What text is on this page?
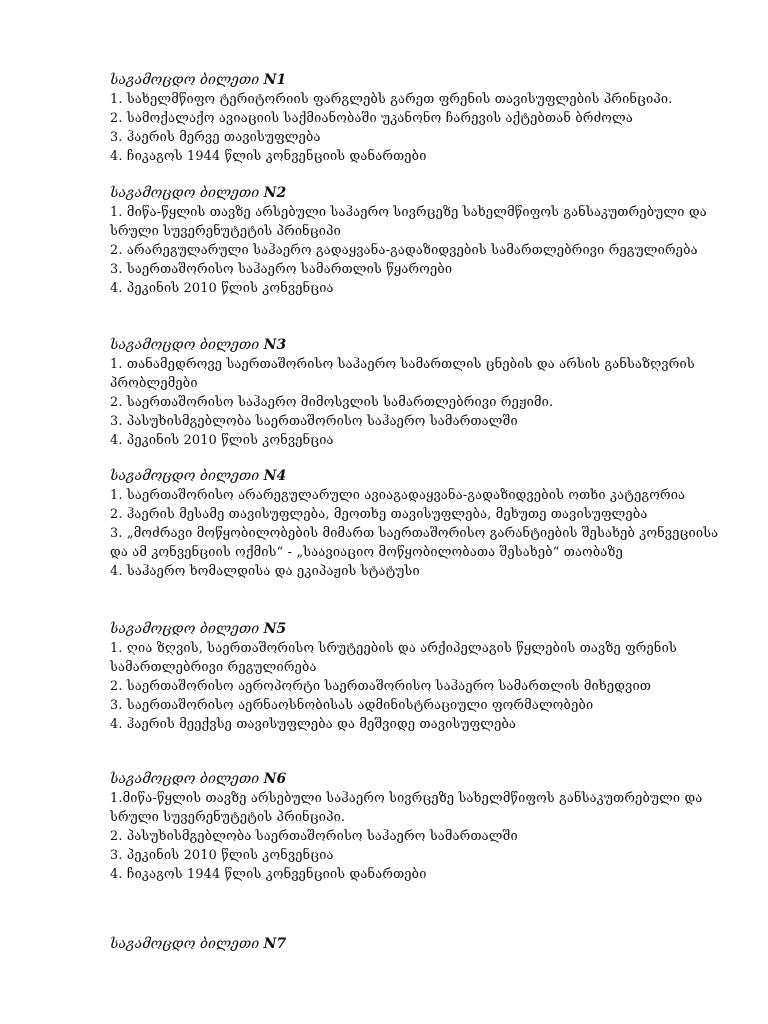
საგამოცდო ბილეთი N1

1. სახელმწიფო ტერიტორიის ფარგლებს გარეთ ფრენის თავისუფლების პრინციპი.

2. სამოქალაქო ავიაციის საქმიანობაში უკანონო ჩარევის აქტებთან ბრძოლა

3. ჰაერის მერვე თავისუფლება

4. ჩიკაგოს 1944 წლის კონვენციის დანართები

საგამოცდო ბილეთი N2

1. მიწა-წყლის თავზე არსებული საჰაერო სივრცეზე სახელმწიფოს განსაკუთრებული და სრული სუვერენუტეტის პრინციპი

2. არარეგულარული საჰაერო გადაყვანა-გადაზიდვების სამართლებრივი რეგულირება

3. საერთაშორისო საჰაერო სამართლის წყაროები

4. პეკინის 2010 წლის კონვენცია

საგამოცდო ბილეთი N3

1. თანამედროვე საერთაშორისო საჰაერო სამართლის ცნების და არსის განსაზღვრის პრობლემები

2. საერთაშორისო საჰაერო მიმოსვლის სამართლებრივი რეჟიმი.

3. პასუხისმგებლობა საერთაშორისო საჰაერო სამართალში

4. პეკინის 2010 წლის კონვენცია

საგამოცდო ბილეთი N4

1. საერთაშორისო არარეგულარული ავიაგადაყვანა-გადაზიდვების ოთხი კატეგორია

2. ჰაერის მესამე თავისუფლება, მეოთხე თავისუფლება, მეხუთე თავისუფლება

3. „მოძრავი მოწყობილობების მიმართ საერთაშორისო გარანტიების შესახებ კონვეციისა და ამ კონვენციის ოქმის“ - „საავიაციო მოწყობილობათა შესახებ“ თაობაზე

4. საჰაერო ხომალდისა და ეკიპაჟის სტატუსი

საგამოცდო ბილეთი N5

1. ღია ზღვის, საერთაშორისო სრუტეების და არქიპელაგის წყლების თავზე ფრენის სამართლებრივი რეგულირება

2. საერთაშორისო აეროპორტი საერთაშორისო საჰაერო სამართლის მიხედვით

3. საერთაშორისო აერნაოსნობისას ადმინისტრაციული ფორმალობები

4. ჰაერის მეექვსე თავისუფლება და მეშვიდე თავისუფლება

საგამოცდო ბილეთი N6

1.მიწა-წყლის თავზე არსებული საჰაერო სივრცეზე სახელმწიფოს განსაკუთრებული და სრული სუვერენუტეტის პრინციპი.

2. პასუხისმგებლობა საერთაშორისო საჰაერო სამართალში

3. პეკინის 2010 წლის კონვენცია

4. ჩიკაგოს 1944 წლის კონვენციის დანართები

საგამოცდო ბილეთი N7
